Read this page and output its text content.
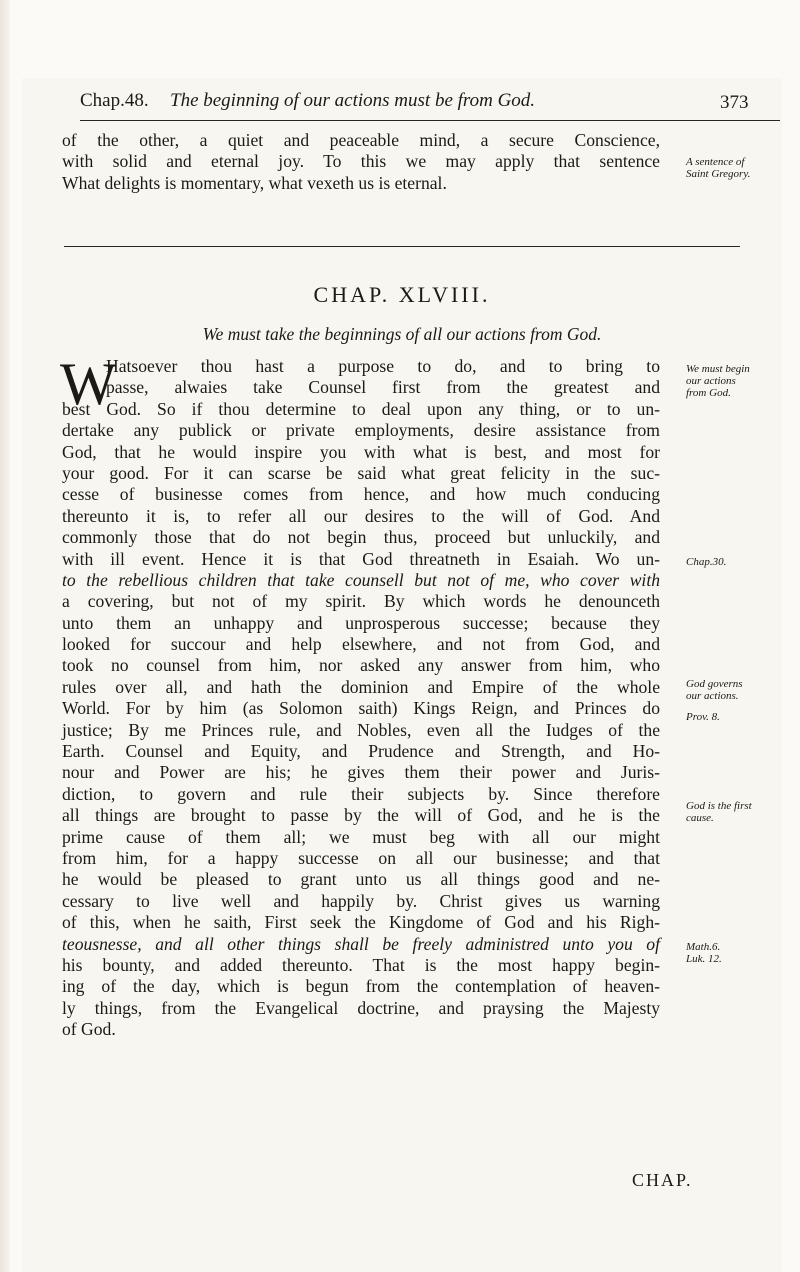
Chap.48. The beginning of our actions must be from God.	373
of the other, a quiet and peaceable mind, a secure Conscience,
with solid and eternal joy. To this we may apply that sentence
What delights is momentary, what vexeth us is eternal.
CHAP. XLVIII.
We must take the beginnings of all our actions from God.
W
Hatsoever thou hast a purpose to do, and to bring to
passe, alwaies take Counsel first from the greatest and
best God. So if thou determine to deal upon any thing, or to un-
dertake any publick or private employments, desire assistance from
God, that he would inspire you with what is best, and most for
your good. For it can scarse be said what great felicity in the suc-
cesse of businesse comes from hence, and how much conducing
thereunto it is, to refer all our desires to the will of God. And
commonly those that do not begin thus, proceed but unluckily, and
with ill event. Hence it is that God threatneth in Esaiah. Wo un-
to the rebellious children that take counsell but not of me, who cover with
a covering, but not of my spirit. By which words he denounceth
unto them an unhappy and unprosperous successe; because they
looked for succour and help elsewhere, and not from God, and
took no counsel from him, nor asked any answer from him, who
rules over all, and hath the dominion and Empire of the whole
World. For by him (as Solomon saith) Kings Reign, and Princes do
justice; By me Princes rule, and Nobles, even all the Iudges of the
Earth. Counsel and Equity, and Prudence and Strength, and Ho-
nour and Power are his; he gives them their power and Juris-
diction, to govern and rule their subjects by. Since therefore
all things are brought to passe by the will of God, and he is the
prime cause of them all; we must beg with all our might
from him, for a happy successe on all our businesse; and that
he would be pleased to grant unto us all things good and ne-
cessary to live well and happily by. Christ gives us warning
of this, when he saith, First seek the Kingdome of God and his Righ-
teousnesse, and all other things shall be freely administred unto you of
his bounty, and added thereunto. That is the most happy begin-
ing of the day, which is begun from the contemplation of heaven-
ly things, from the Evangelical doctrine, and praysing the Majesty
of God.
A sentence of
Saint Gregory.
We must begin
our actions
from God.
Chap.30.
God governs
our actions.
Prov. 8.
God is the first
cause.
Math.6.
Luk. 12.
CHAP.
